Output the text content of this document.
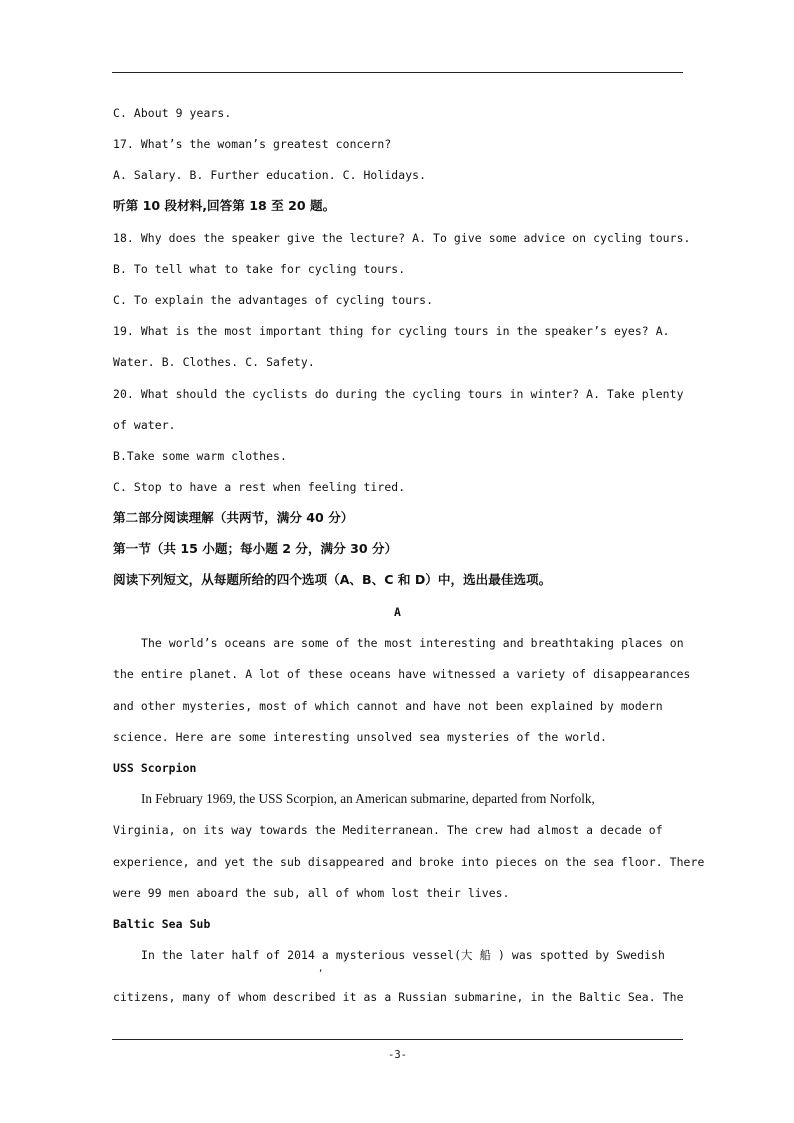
C. About 9 years.
17. What’s the woman’s greatest concern?
A. Salary. B. Further education. C. Holidays.
听第 10 段材料,回答第 18 至 20 题。
18. Why does the speaker give the lecture? A. To give some advice on cycling tours.
B. To tell what to take for cycling tours.
C. To explain the advantages of cycling tours.
19. What is the most important thing for cycling tours in the speaker’s eyes? A.
Water. B. Clothes. C. Safety.
20. What should the cyclists do during the cycling tours in winter? A. Take plenty
of water.
B.Take some warm clothes.
C. Stop to have a rest when feeling tired.
第二部分阅读理解（共两节，满分 40 分）
第一节（共 15 小题；每小题 2 分，满分 30 分）
阅读下列短文，从每题所给的四个选项（A、B、C 和 D）中，选出最佳选项。
A
The world’s oceans are some of the most interesting and breathtaking places on
the entire planet. A lot of these oceans have witnessed a variety of disappearances
and other mysteries, most of which cannot and have not been explained by modern
science. Here are some interesting unsolved sea mysteries of the world.
USS Scorpion
In February 1969, the USS Scorpion, an American submarine, departed from Norfolk,
Virginia, on its way towards the Mediterranean. The crew had almost a decade of
experience, and yet the sub disappeared and broke into pieces on the sea floor. There
were 99 men aboard the sub, all of whom lost their lives.
Baltic Sea Sub
In the later half of 2014 a mysterious vessel(大 船 ) was spotted by Swedish
,
citizens, many of whom described it as a Russian submarine, in the Baltic Sea. The
-3-
